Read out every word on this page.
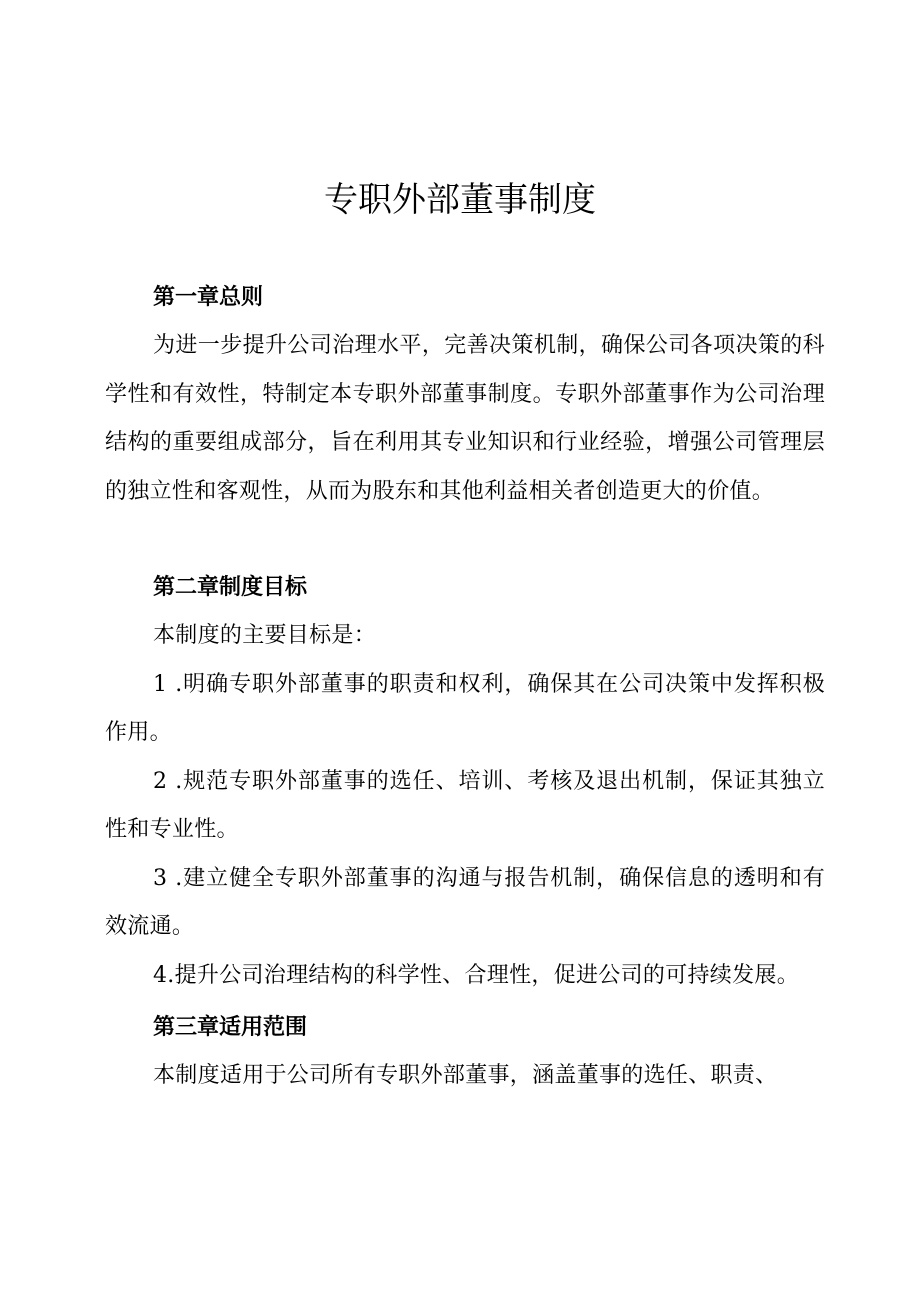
专职外部董事制度
第一章总则

为进一步提升公司治理水平，完善决策机制，确保公司各项决策的科学性和有效性，特制定本专职外部董事制度。专职外部董事作为公司治理结构的重要组成部分，旨在利用其专业知识和行业经验，增强公司管理层的独立性和客观性，从而为股东和其他利益相关者创造更大的价值。

第二章制度目标

本制度的主要目标是：

1 .明确专职外部董事的职责和权利，确保其在公司决策中发挥积极作用。

2 .规范专职外部董事的选任、培训、考核及退出机制，保证其独立性和专业性。

3 .建立健全专职外部董事的沟通与报告机制，确保信息的透明和有效流通。

4.提升公司治理结构的科学性、合理性，促进公司的可持续发展。

第三章适用范围

本制度适用于公司所有专职外部董事，涵盖董事的选任、职责、
